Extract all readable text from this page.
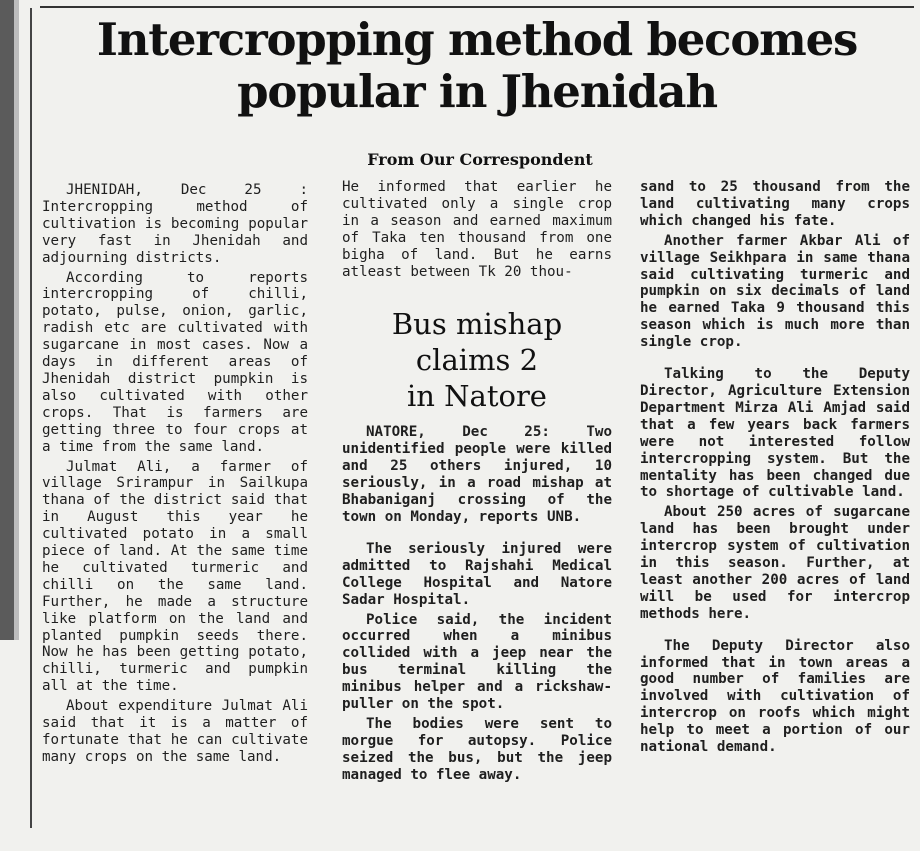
Intercropping method becomes
popular in Jhenidah
From Our Correspondent

JHENIDAH, Dec 25 : Intercropping method of cultivation is becoming popular very fast in Jhenidah and adjourning districts.

According to reports intercropping of chilli, potato, pulse, onion, garlic, radish etc are cultivated with sugarcane in most cases. Now a days in different areas of Jhenidah district pumpkin is also cultivated with other crops. That is farmers are getting three to four crops at a time from the same land.

Julmat Ali, a farmer of village Srirampur in Sailkupa thana of the district said that in August this year he cultivated potato in a small piece of land. At the same time he cultivated turmeric and chilli on the same land. Further, he made a structure like platform on the land and planted pumpkin seeds there. Now he has been getting potato, chilli, turmeric and pumpkin all at the time.

About expenditure Julmat Ali said that it is a matter of fortunate that he can cultivate many crops on the same land.

He informed that earlier he cultivated only a single crop in a season and earned maximum of Taka ten thousand from one bigha of land. But he earns atleast between Tk 20 thou-

Bus mishap
claims 2
in Natore

NATORE, Dec 25: Two unidentified people were killed and 25 others injured, 10 seriously, in a road mishap at Bhabaniganj crossing of the town on Monday, reports UNB.

The seriously injured were admitted to Rajshahi Medical College Hospital and Natore Sadar Hospital.

Police said, the incident occurred when a minibus collided with a jeep near the bus terminal killing the minibus helper and a rickshaw-puller on the spot.

The bodies were sent to morgue for autopsy. Police seized the bus, but the jeep managed to flee away.

sand to 25 thousand from the land cultivating many crops which changed his fate.

Another farmer Akbar Ali of village Seikhpara in same thana said cultivating turmeric and pumpkin on six decimals of land he earned Taka 9 thousand this season which is much more than single crop.

Talking to the Deputy Director, Agriculture Extension Department Mirza Ali Amjad said that a few years back farmers were not interested follow intercropping system. But the mentality has been changed due to shortage of cultivable land.

About 250 acres of sugarcane land has been brought under intercrop system of cultivation in this season. Further, at least another 200 acres of land will be used for intercrop methods here.

The Deputy Director also informed that in town areas a good number of families are involved with cultivation of intercrop on roofs which might help to meet a portion of our national demand.
